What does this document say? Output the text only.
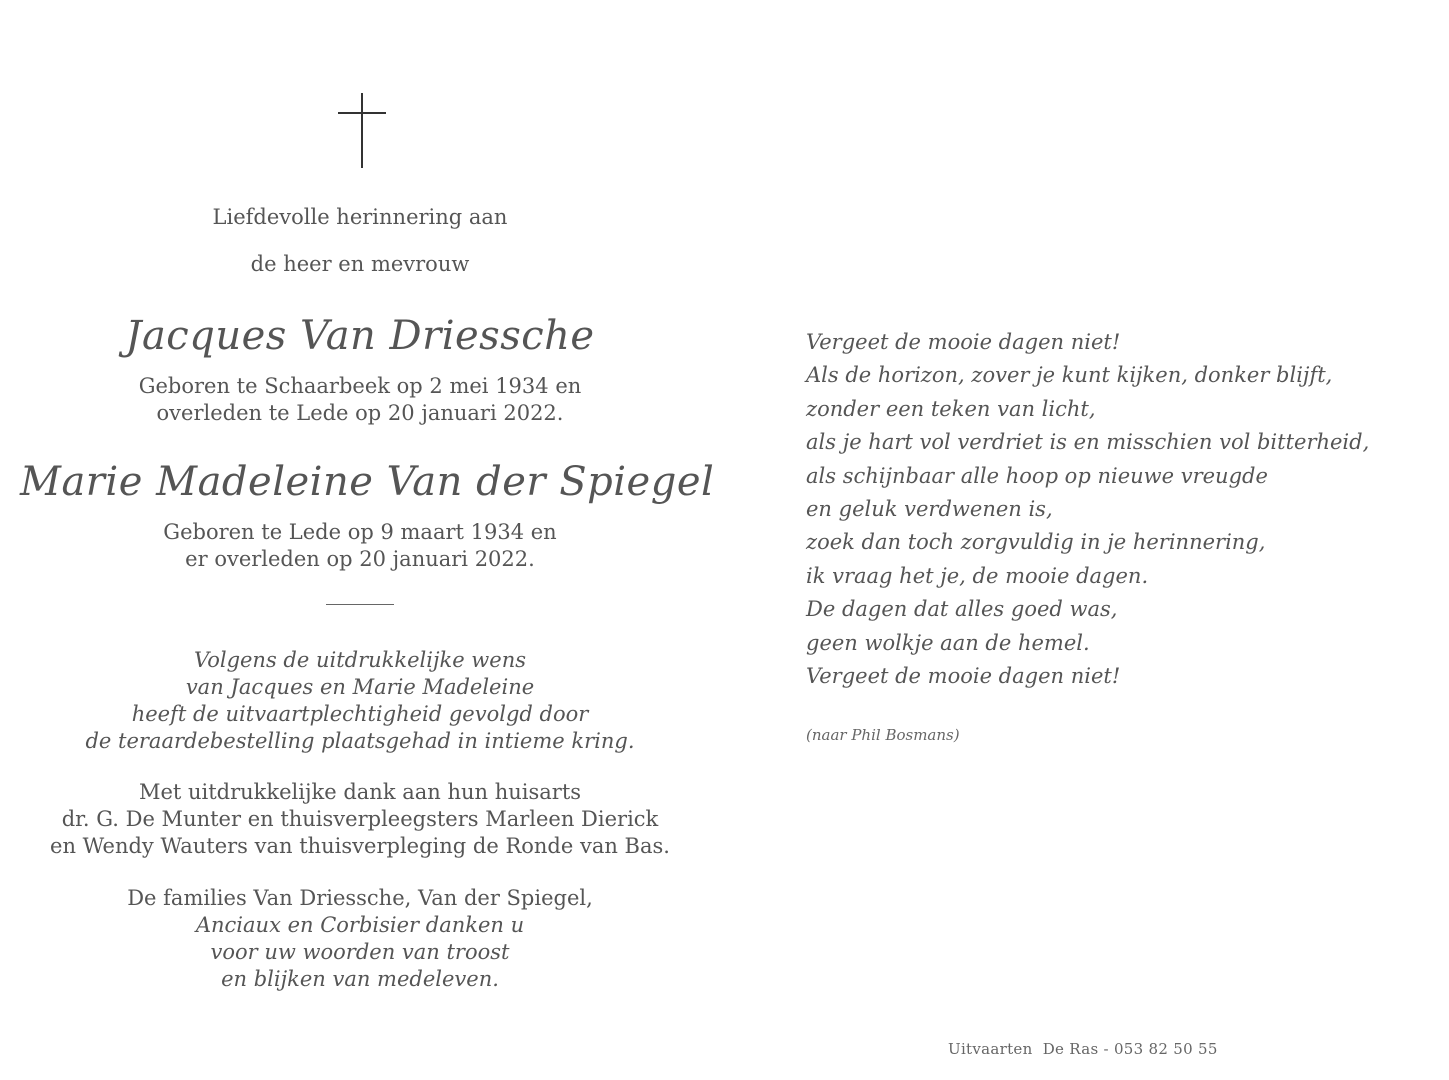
Liefdevolle herinnering aan
de heer en mevrouw
Jacques Van Driessche
Geboren te Schaarbeek op 2 mei 1934 en
overleden te Lede op 20 januari 2022.
Marie Madeleine Van der Spiegel
Geboren te Lede op 9 maart 1934 en
er overleden op 20 januari 2022.
Volgens de uitdrukkelijke wens
van Jacques en Marie Madeleine
heeft de uitvaartplechtigheid gevolgd door
de teraardebestelling plaatsgehad in intieme kring.
Met uitdrukkelijke dank aan hun huisarts
dr. G. De Munter en thuisverpleegsters Marleen Dierick
en Wendy Wauters van thuisverpleging de Ronde van Bas.
De families Van Driessche, Van der Spiegel,
Anciaux en Corbisier danken u
voor uw woorden van troost
en blijken van medeleven.
Vergeet de mooie dagen niet!
Als de horizon, zover je kunt kijken, donker blijft,
zonder een teken van licht,
als je hart vol verdriet is en misschien vol bitterheid,
als schijnbaar alle hoop op nieuwe vreugde
en geluk verdwenen is,
zoek dan toch zorgvuldig in je herinnering,
ik vraag het je, de mooie dagen.
De dagen dat alles goed was,
geen wolkje aan de hemel.
Vergeet de mooie dagen niet!
(naar Phil Bosmans)
Uitvaarten  De Ras - 053 82 50 55
